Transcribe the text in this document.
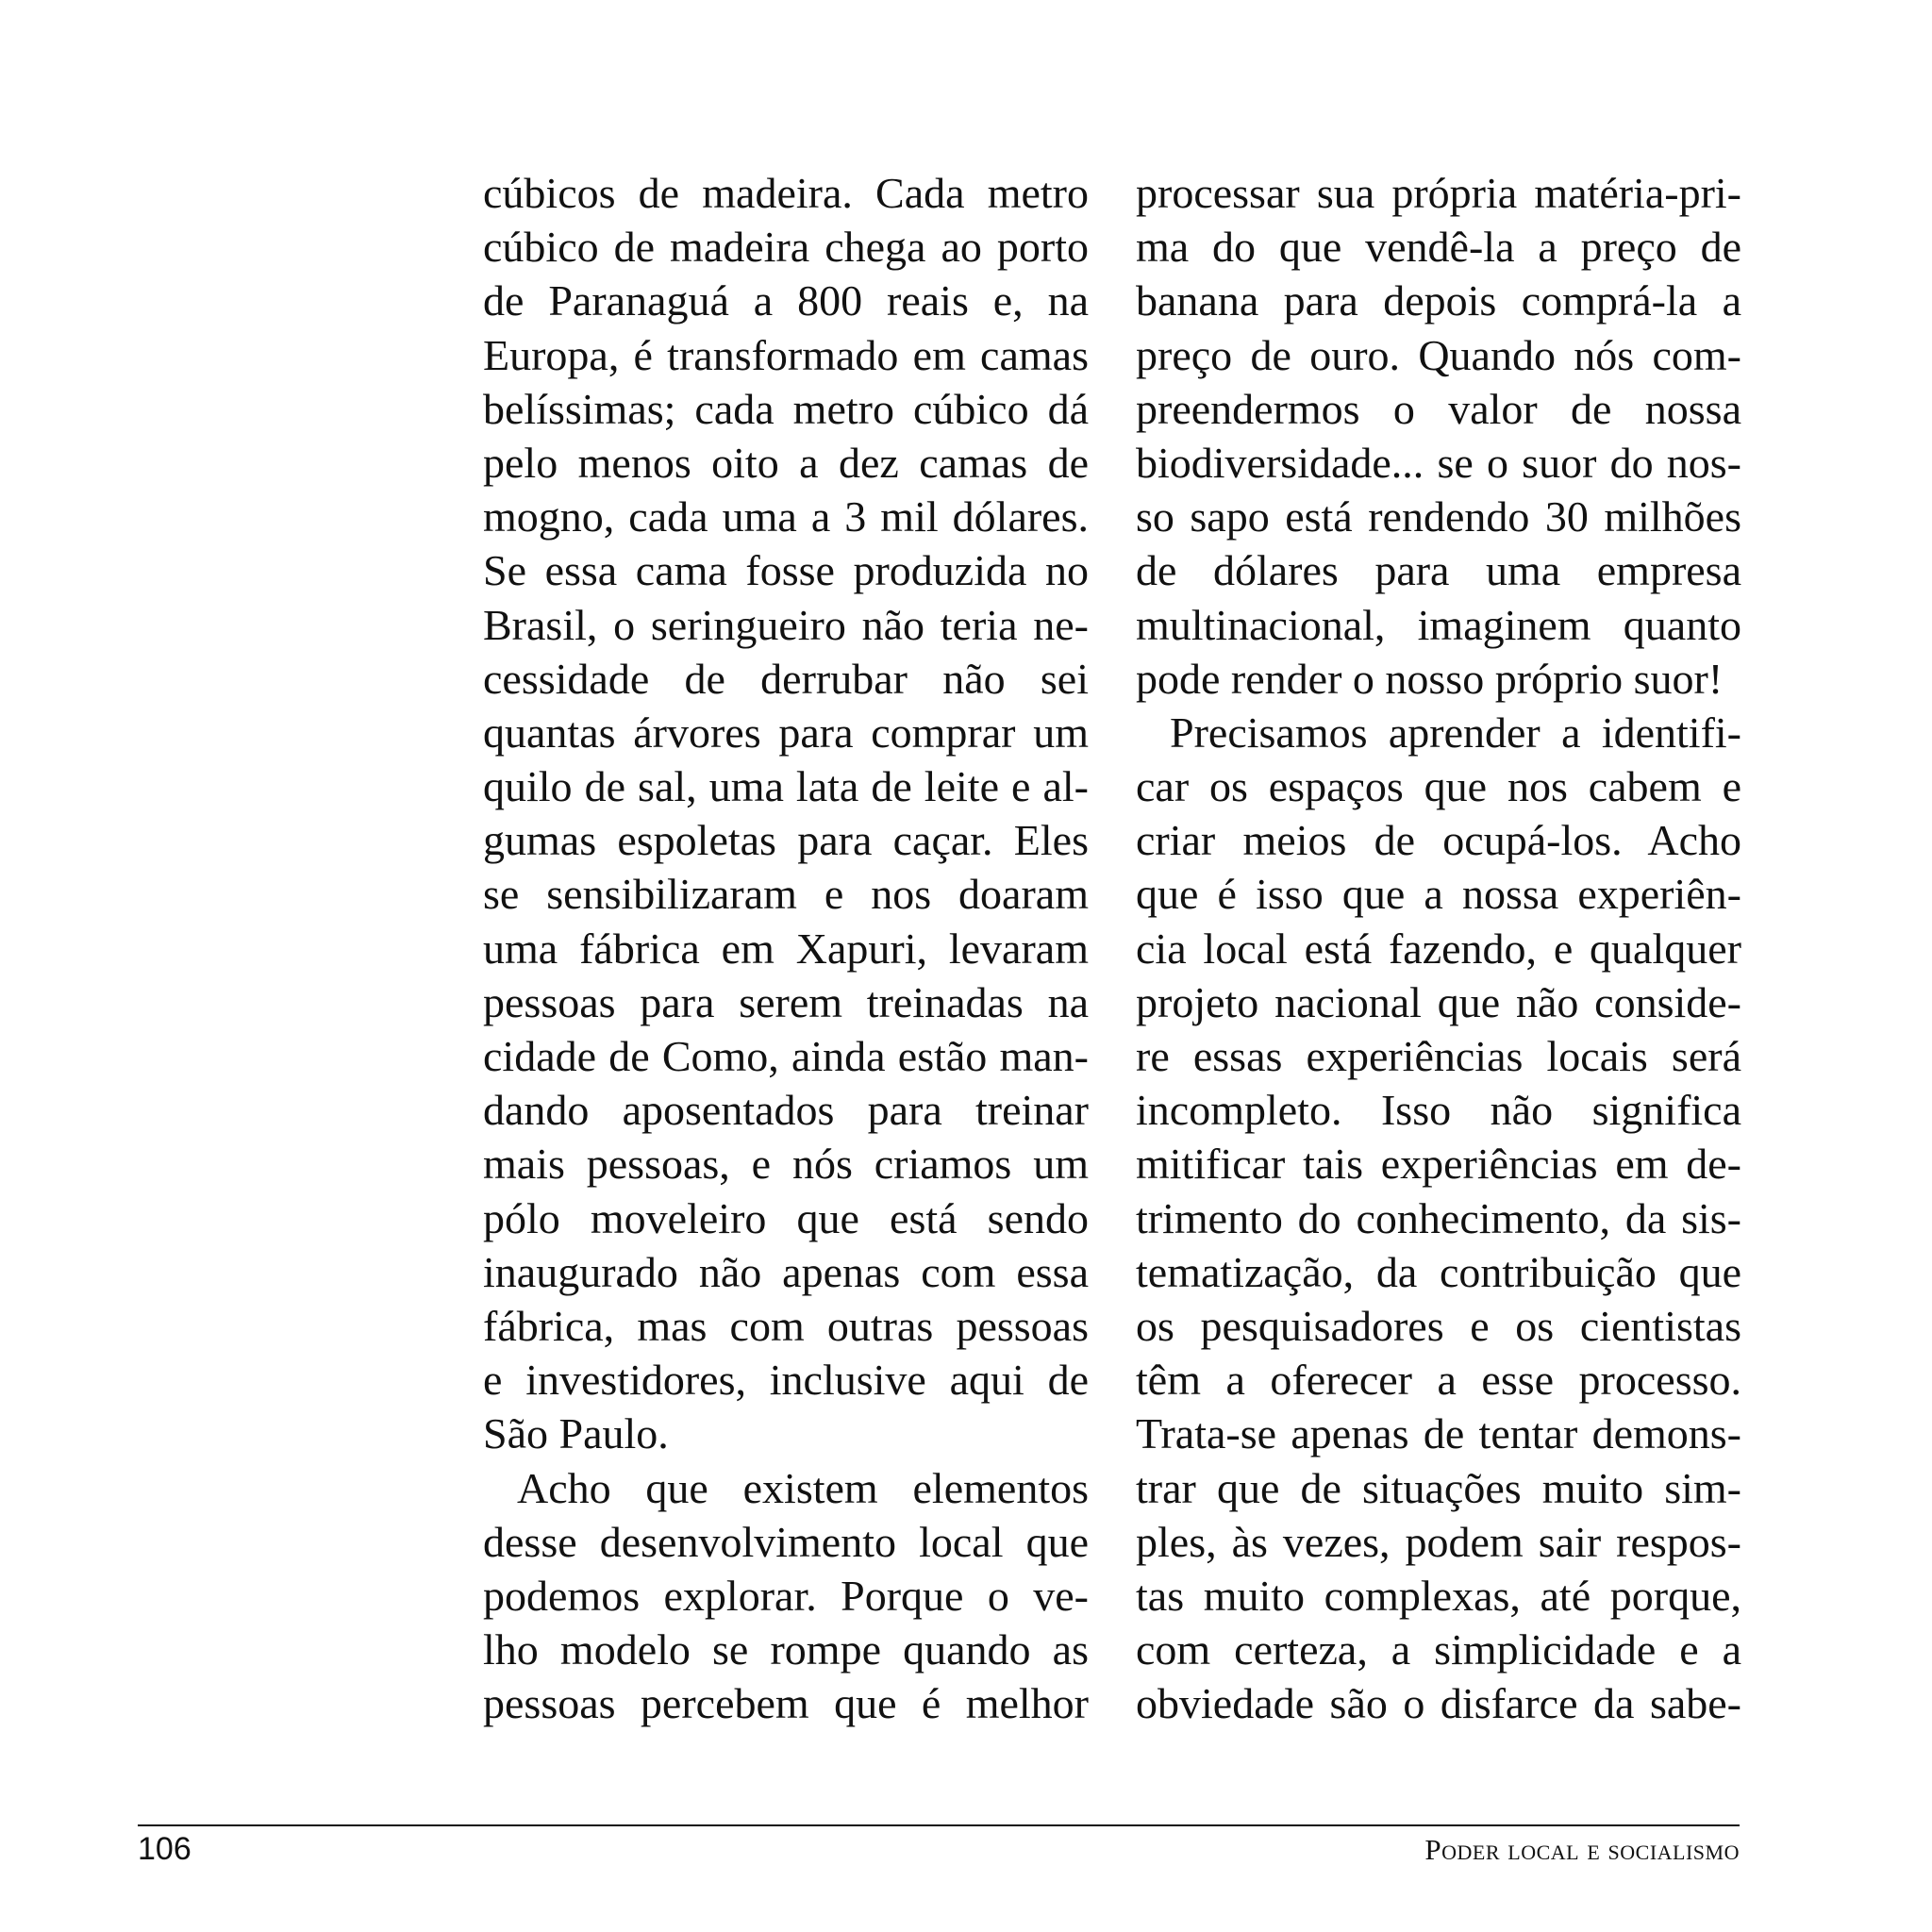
cúbicos de madeira. Cada metro
cúbico de madeira chega ao porto
de Paranaguá a 800 reais e, na
Europa, é transformado em camas
belíssimas; cada metro cúbico dá
pelo menos oito a dez camas de
mogno, cada uma a 3 mil dólares.
Se essa cama fosse produzida no
Brasil, o seringueiro não teria ne-
cessidade de derrubar não sei
quantas árvores para comprar um
quilo de sal, uma lata de leite e al-
gumas espoletas para caçar. Eles
se sensibilizaram e nos doaram
uma fábrica em Xapuri, levaram
pessoas para serem treinadas na
cidade de Como, ainda estão man-
dando aposentados para treinar
mais pessoas, e nós criamos um
pólo moveleiro que está sendo
inaugurado não apenas com essa
fábrica, mas com outras pessoas
e investidores, inclusive aqui de
São Paulo.
Acho que existem elementos
desse desenvolvimento local que
podemos explorar. Porque o ve-
lho modelo se rompe quando as
pessoas percebem que é melhor
processar sua própria matéria-pri-
ma do que vendê-la a preço de
banana para depois comprá-la a
preço de ouro. Quando nós com-
preendermos o valor de nossa
biodiversidade... se o suor do nos-
so sapo está rendendo 30 milhões
de dólares para uma empresa
multinacional, imaginem quanto
pode render o nosso próprio suor!
Precisamos aprender a identifi-
car os espaços que nos cabem e
criar meios de ocupá-los. Acho
que é isso que a nossa experiên-
cia local está fazendo, e qualquer
projeto nacional que não conside-
re essas experiências locais será
incompleto. Isso não significa
mitificar tais experiências em de-
trimento do conhecimento, da sis-
tematização, da contribuição que
os pesquisadores e os cientistas
têm a oferecer a esse processo.
Trata-se apenas de tentar demons-
trar que de situações muito sim-
ples, às vezes, podem sair respos-
tas muito complexas, até porque,
com certeza, a simplicidade e a
obviedade são o disfarce da sabe-
106	Poder local e socialismo
